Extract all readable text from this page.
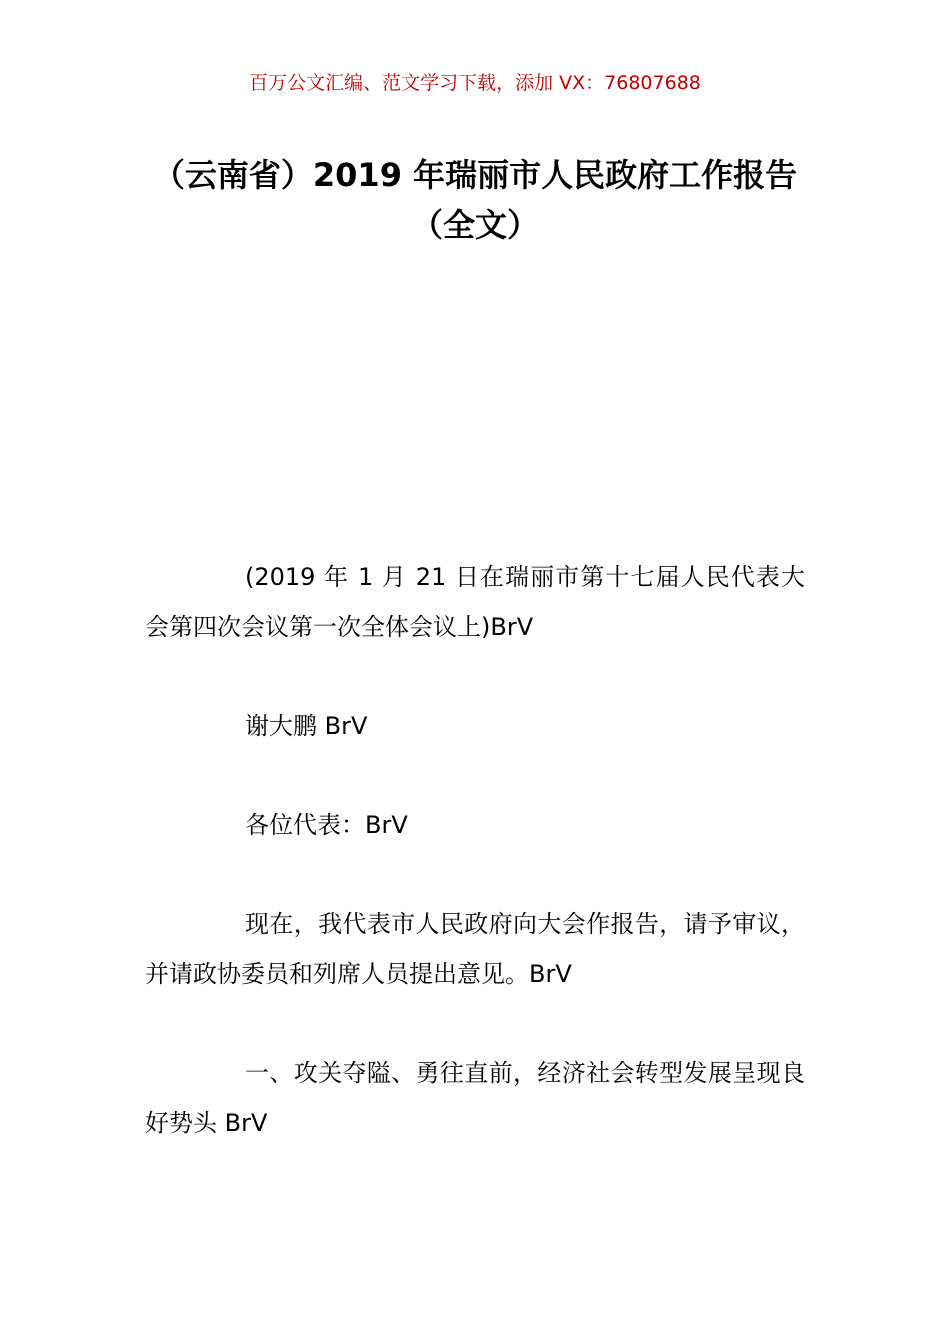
百万公文汇编、范文学习下载，添加 VX：76807688
（云南省）2019 年瑞丽市人民政府工作报告（全文）

(2019 年 1 月 21 日在瑞丽市第十七届人民代表大会第四次会议第一次全体会议上)BrV

谢大鹏 BrV

各位代表：BrV

现在，我代表市人民政府向大会作报告，请予审议，并请政协委员和列席人员提出意见。BrV

一、攻关夺隘、勇往直前，经济社会转型发展呈现良好势头 BrV
